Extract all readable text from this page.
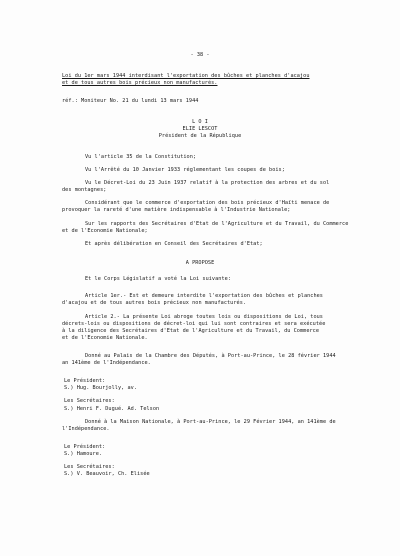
- 38 -
Loi du 1er mars 1944 interdisant l'exportation des bûches et planches d'acajou
et de tous autres bois précieux non manufacturés.
réf.: Moniteur No. 21 du lundi 13 mars 1944
L O I
ELIE LESCOT
Président de la République
Vu l'article 35 de la Constitution;
Vu l'Arrêté du 10 Janvier 1933 réglementant les coupes de bois;
Vu le Décret-Loi du 23 Juin 1937 relatif à la protection des arbres et du sol
des montagnes;
Considérant que le commerce d'exportation des bois précieux d'Haïti menace de
provoquer la rareté d'une matière indispensable à l'Industrie Nationale;
Sur les rapports des Secrétaires d'Etat de l'Agriculture et du Travail, du Commerce
et de l'Economie Nationale;
Et après délibération en Conseil des Secrétaires d'Etat;
A PROPOSE
Et le Corps Législatif a voté la Loi suivante:
Article 1er.- Est et demeure interdite l'exportation des bûches et planches
d'acajou et de tous autres bois précieux non manufacturés.
Article 2.- La présente Loi abroge toutes lois ou dispositions de Loi, tous
décrets-lois ou dispositions de décret-loi qui lui sont contraires et sera exécutée
à la diligence des Secrétaires d'Etat de l'Agriculture et du Travail, du Commerce
et de l'Economie Nationale.
Donné au Palais de la Chambre des Députés, à Port-au-Prince, le 28 février 1944
an 141ème de l'Indépendance.
Le Président:
S.) Hug. Bourjolly, av.
Les Secrétaires:
S.) Henri F. Dugué. Ad. Telson
Donné à la Maison Nationale, à Port-au-Prince, le 29 Février 1944, an 141ème de
l'Indépendance.
Le Président:
S.) Hamoure.
Les Secrétaires:
S.) V. Beauvoir, Ch. Elisée
